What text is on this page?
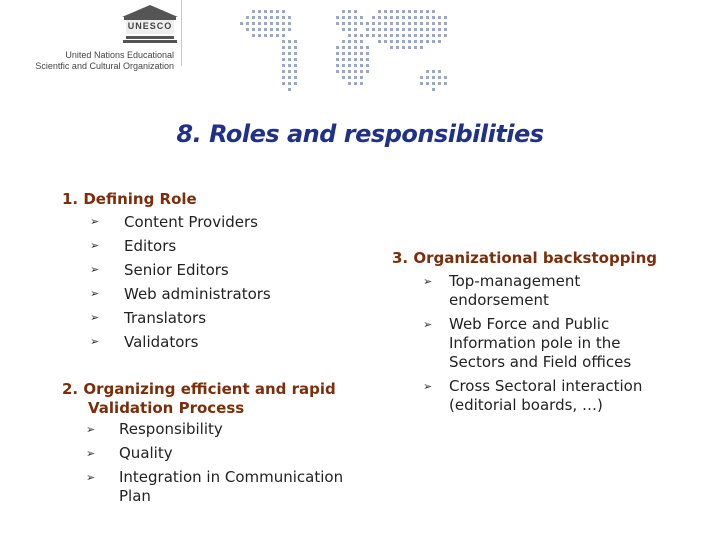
UNESCO
United Nations Educational
Scientfic and Cultural Organization
8. Roles and responsibilities
1. Defining Role
➢ Content Providers
➢ Editors
➢ Senior Editors
➢ Web administrators
➢ Translators
➢ Validators
2. Organizing efficient and rapid
Validation Process
➢ Responsibility
➢ Quality
➢ Integration in Communication Plan
3. Organizational backstopping
➢ Top-management endorsement
➢ Web Force and Public Information pole in the Sectors and Field offices
➢ Cross Sectoral interaction (editorial boards, …)
